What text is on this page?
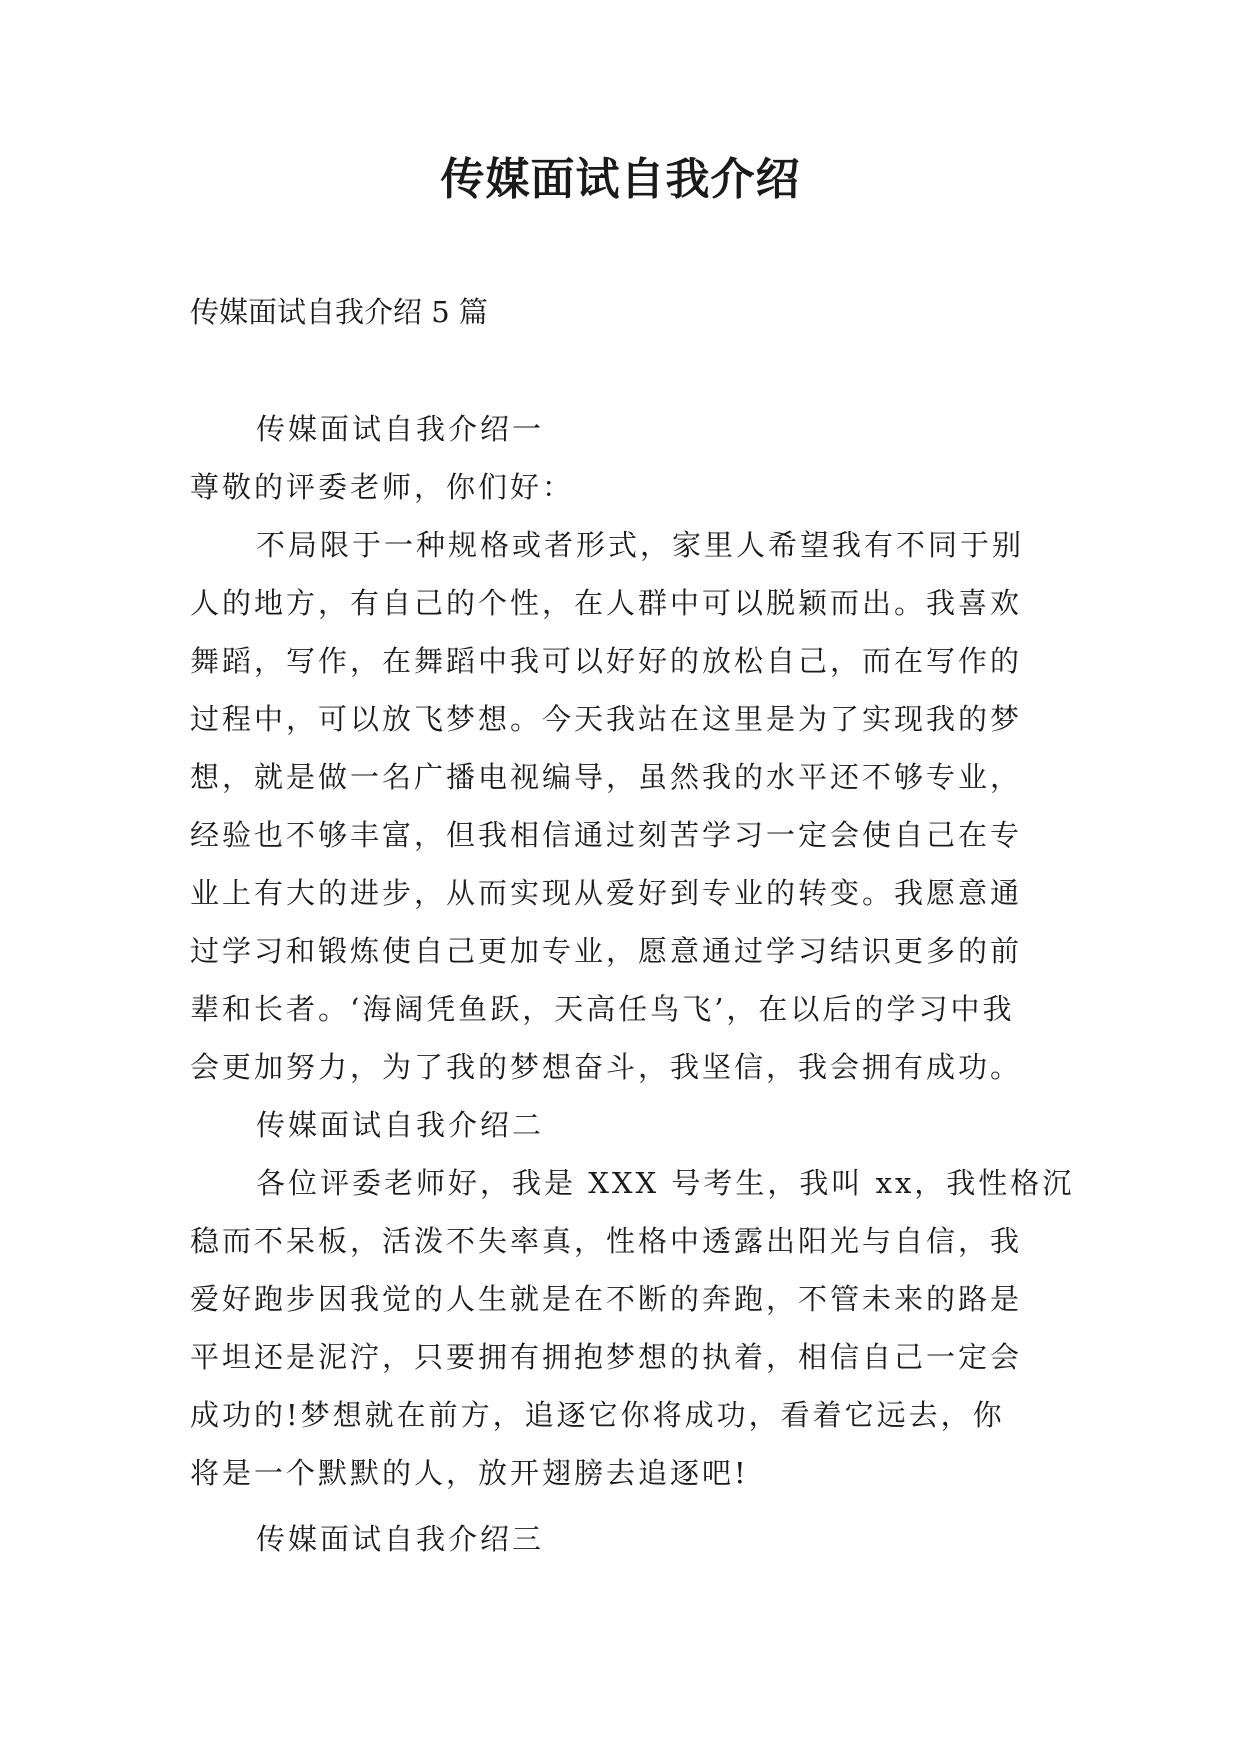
传媒面试自我介绍
传媒面试自我介绍 5 篇
传媒面试自我介绍一
尊敬的评委老师，你们好：
不局限于一种规格或者形式，家里人希望我有不同于别
人的地方，有自己的个性，在人群中可以脱颖而出。我喜欢
舞蹈，写作，在舞蹈中我可以好好的放松自己，而在写作的
过程中，可以放飞梦想。今天我站在这里是为了实现我的梦
想，就是做一名广播电视编导，虽然我的水平还不够专业，
经验也不够丰富，但我相信通过刻苦学习一定会使自己在专
业上有大的进步，从而实现从爱好到专业的转变。我愿意通
过学习和锻炼使自己更加专业，愿意通过学习结识更多的前
辈和长者。‘海阔凭鱼跃，天高任鸟飞’，在以后的学习中我
会更加努力，为了我的梦想奋斗，我坚信，我会拥有成功。
传媒面试自我介绍二
各位评委老师好，我是 XXX 号考生，我叫 xx，我性格沉
稳而不呆板，活泼不失率真，性格中透露出阳光与自信，我
爱好跑步因我觉的人生就是在不断的奔跑，不管未来的路是
平坦还是泥泞，只要拥有拥抱梦想的执着，相信自己一定会
成功的!梦想就在前方，追逐它你将成功，看着它远去，你
将是一个默默的人，放开翅膀去追逐吧!
传媒面试自我介绍三
